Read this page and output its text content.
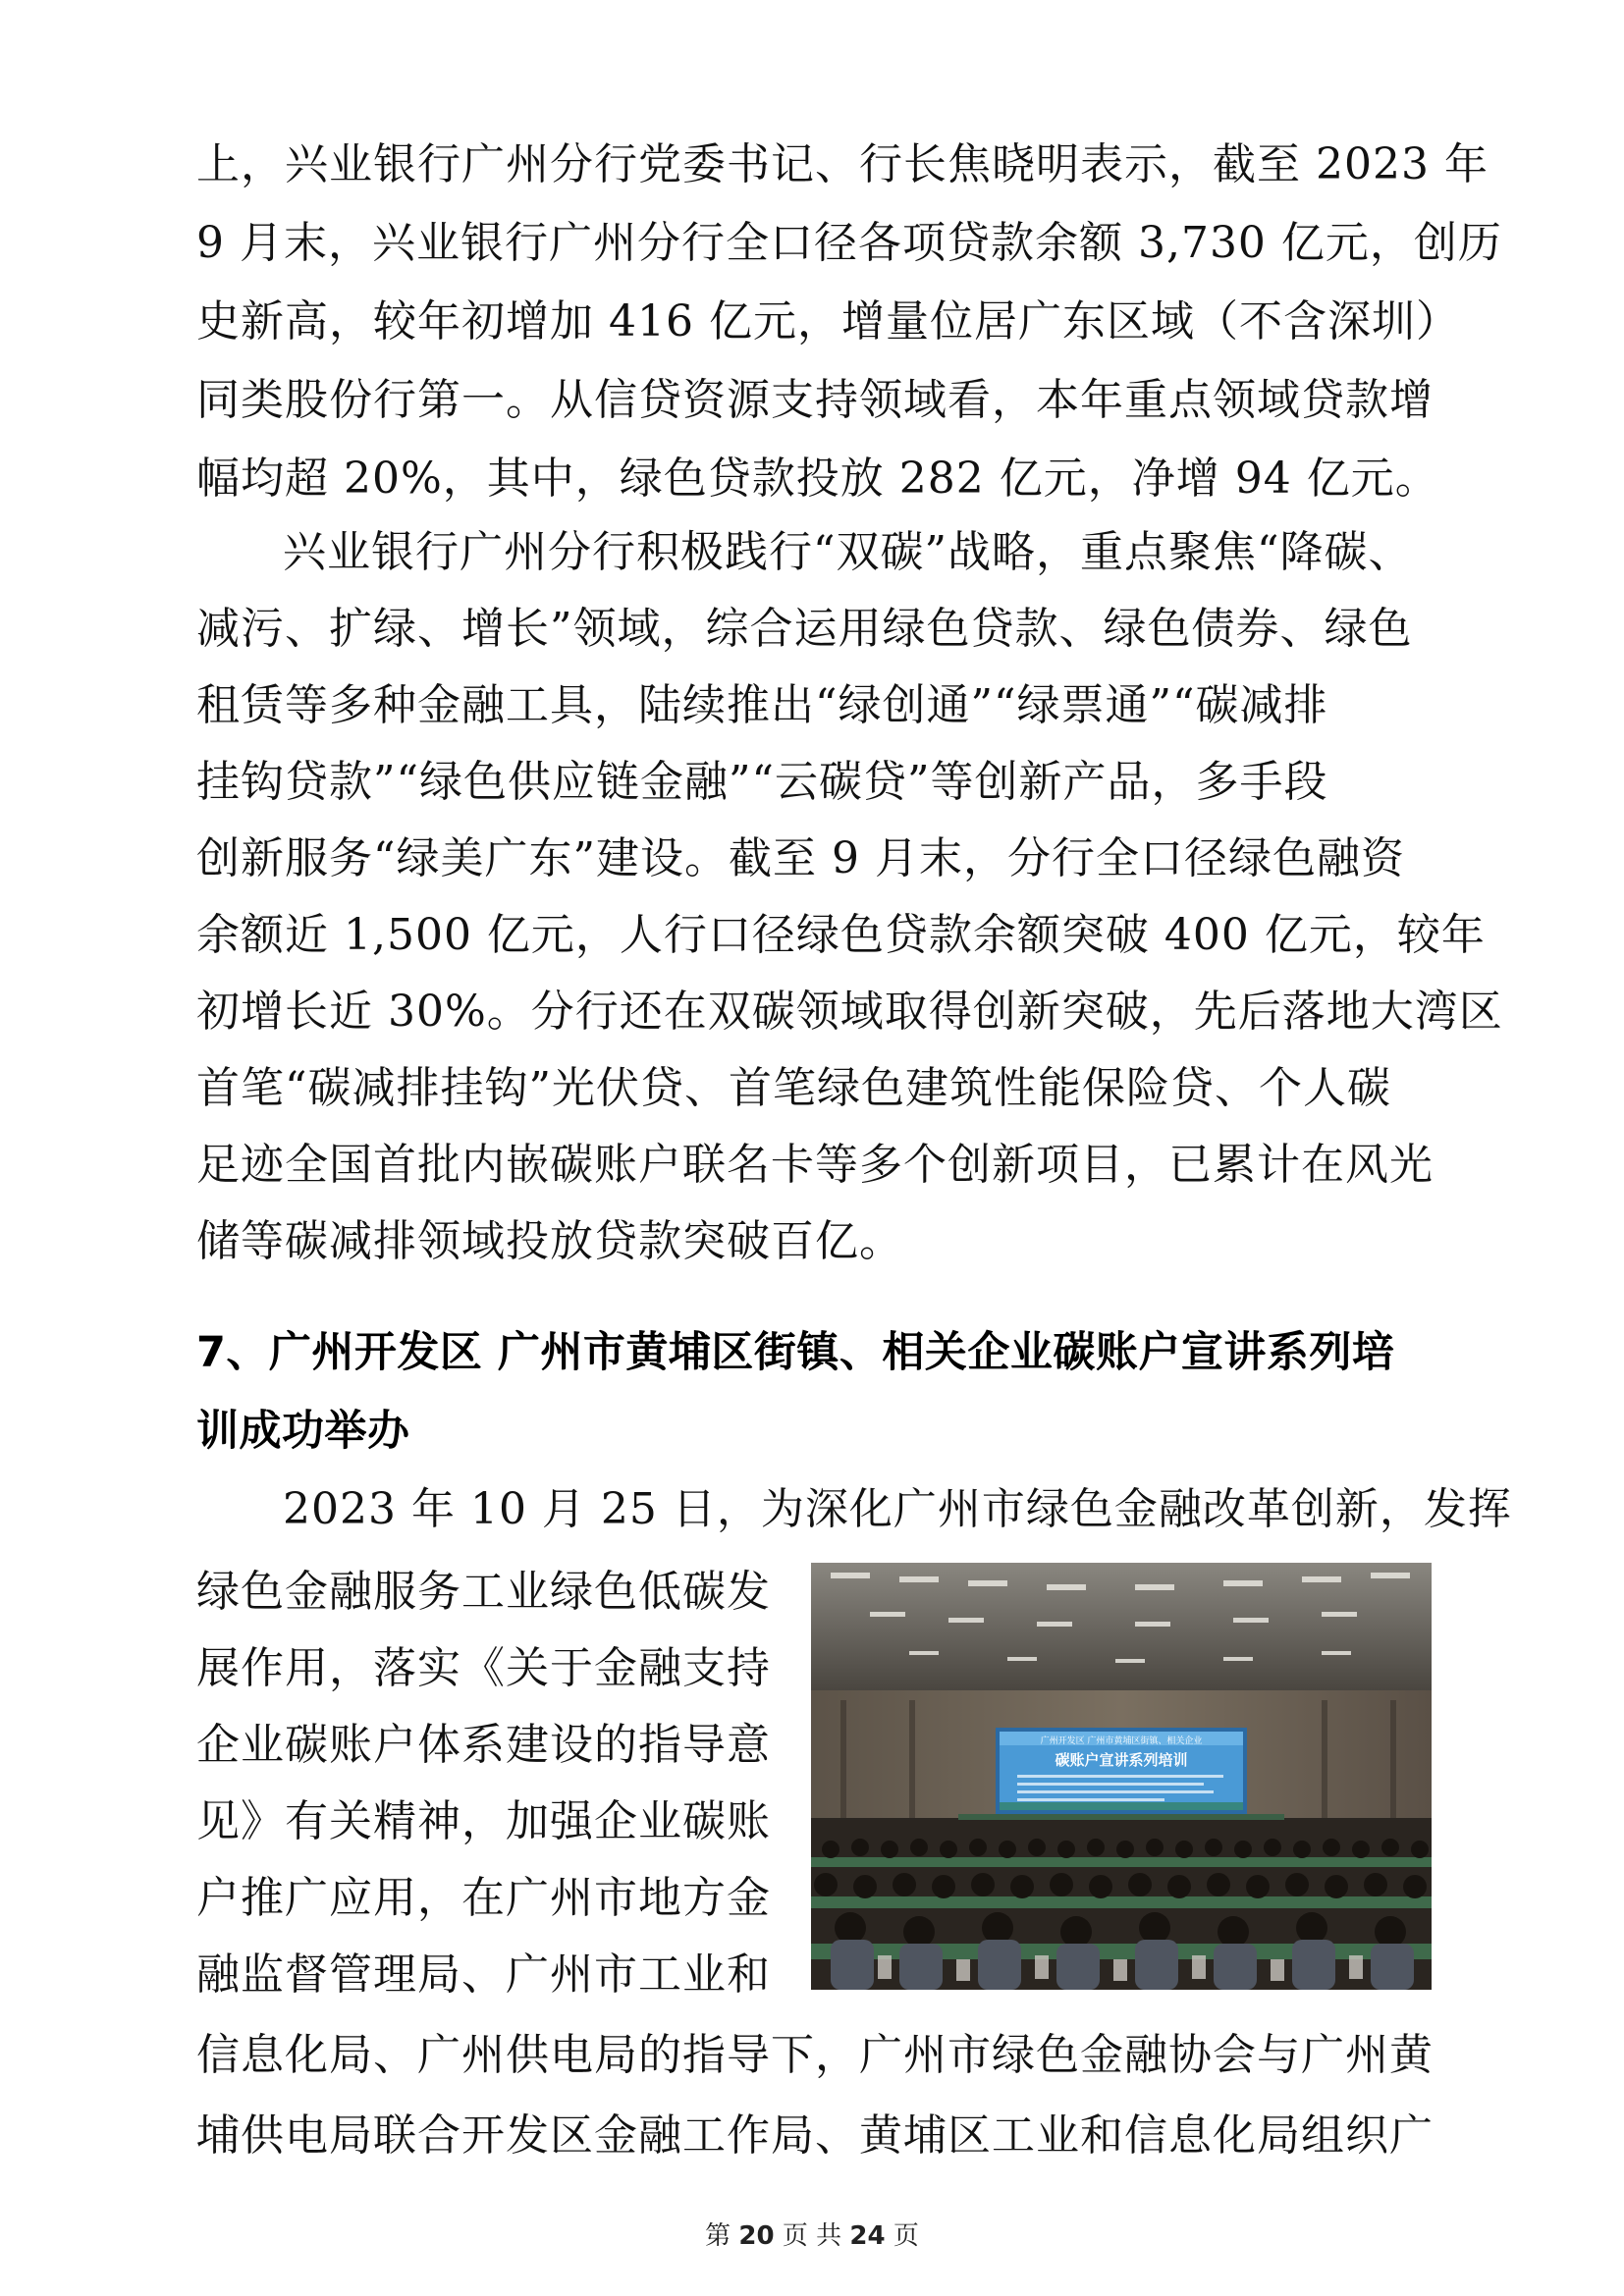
上，兴业银行广州分行党委书记、行长焦晓明表示，截至 2023 年
9 月末，兴业银行广州分行全口径各项贷款余额 3,730 亿元，创历
史新高，较年初增加 416 亿元，增量位居广东区域（不含深圳）
同类股份行第一。从信贷资源支持领域看，本年重点领域贷款增
幅均超 20%，其中，绿色贷款投放 282 亿元，净增 94 亿元。
兴业银行广州分行积极践行“双碳”战略，重点聚焦“降碳、
减污、扩绿、增长”领域，综合运用绿色贷款、绿色债券、绿色
租赁等多种金融工具，陆续推出“绿创通”“绿票通”“碳减排
挂钩贷款”“绿色供应链金融”“云碳贷”等创新产品，多手段
创新服务“绿美广东”建设。截至 9 月末，分行全口径绿色融资
余额近 1,500 亿元，人行口径绿色贷款余额突破 400 亿元，较年
初增长近 30%。分行还在双碳领域取得创新突破，先后落地大湾区
首笔“碳减排挂钩”光伏贷、首笔绿色建筑性能保险贷、个人碳
足迹全国首批内嵌碳账户联名卡等多个创新项目，已累计在风光
储等碳减排领域投放贷款突破百亿。
7、广州开发区 广州市黄埔区街镇、相关企业碳账户宣讲系列培
训成功举办
2023 年 10 月 25 日，为深化广州市绿色金融改革创新，发挥
绿色金融服务工业绿色低碳发
展作用，落实《关于金融支持
企业碳账户体系建设的指导意
见》有关精神，加强企业碳账
户推广应用，在广州市地方金
融监督管理局、广州市工业和
信息化局、广州供电局的指导下，广州市绿色金融协会与广州黄
埔供电局联合开发区金融工作局、黄埔区工业和信息化局组织广
广州开发区 广州市黄埔区街镇、相关企业
碳账户宣讲系列培训
第 20 页 共 24 页
